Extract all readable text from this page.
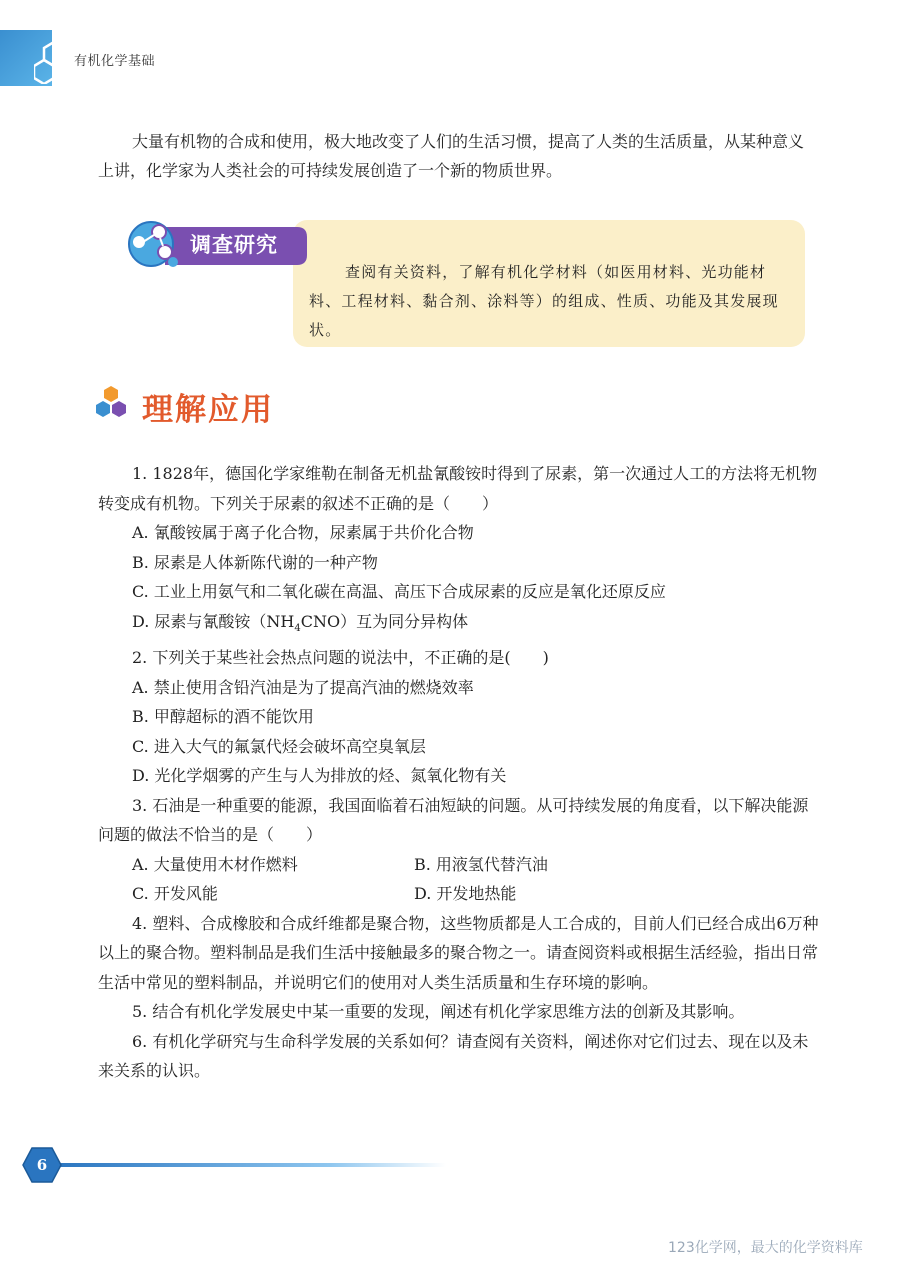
有机化学基础

大量有机物的合成和使用，极大地改变了人们的生活习惯，提高了人类的生活质量，从某种意义上讲，化学家为人类社会的可持续发展创造了一个新的物质世界。

查阅有关资料，了解有机化学材料（如医用材料、光功能材料、工程材料、黏合剂、涂料等）的组成、性质、功能及其发展现状。

调查研究
理解应用

1. 1828年，德国化学家维勒在制备无机盐氰酸铵时得到了尿素，第一次通过人工的方法将无机物转变成有机物。下列关于尿素的叙述不正确的是（　　）

A. 氰酸铵属于离子化合物，尿素属于共价化合物

B. 尿素是人体新陈代谢的一种产物

C. 工业上用氨气和二氧化碳在高温、高压下合成尿素的反应是氧化还原反应

D. 尿素与氰酸铵$(NH_4CNO)$互为同分异构体

2. 下列关于某些社会热点问题的说法中，不正确的是(　　)

A. 禁止使用含铅汽油是为了提高汽油的燃烧效率

B. 甲醇超标的酒不能饮用

C. 进入大气的氟氯代烃会破坏高空臭氧层

D. 光化学烟雾的产生与人为排放的烃、氮氧化物有关

3. 石油是一种重要的能源，我国面临着石油短缺的问题。从可持续发展的角度看，以下解决能源问题的做法不恰当的是（　　）

A. 大量使用木材作燃料	B. 用液氢代替汽油
C. 开发风能	D. 开发地热能

4. 塑料、合成橡胶和合成纤维都是聚合物，这些物质都是人工合成的，目前人们已经合成出6万种以上的聚合物。塑料制品是我们生活中接触最多的聚合物之一。请查阅资料或根据生活经验，指出日常生活中常见的塑料制品，并说明它们的使用对人类生活质量和生存环境的影响。

5. 结合有机化学发展史中某一重要的发现，阐述有机化学家思维方法的创新及其影响。

6. 有机化学研究与生命科学发展的关系如何？请查阅有关资料，阐述你对它们过去、现在以及未来关系的认识。

6
123化学网，最大的化学资料库
